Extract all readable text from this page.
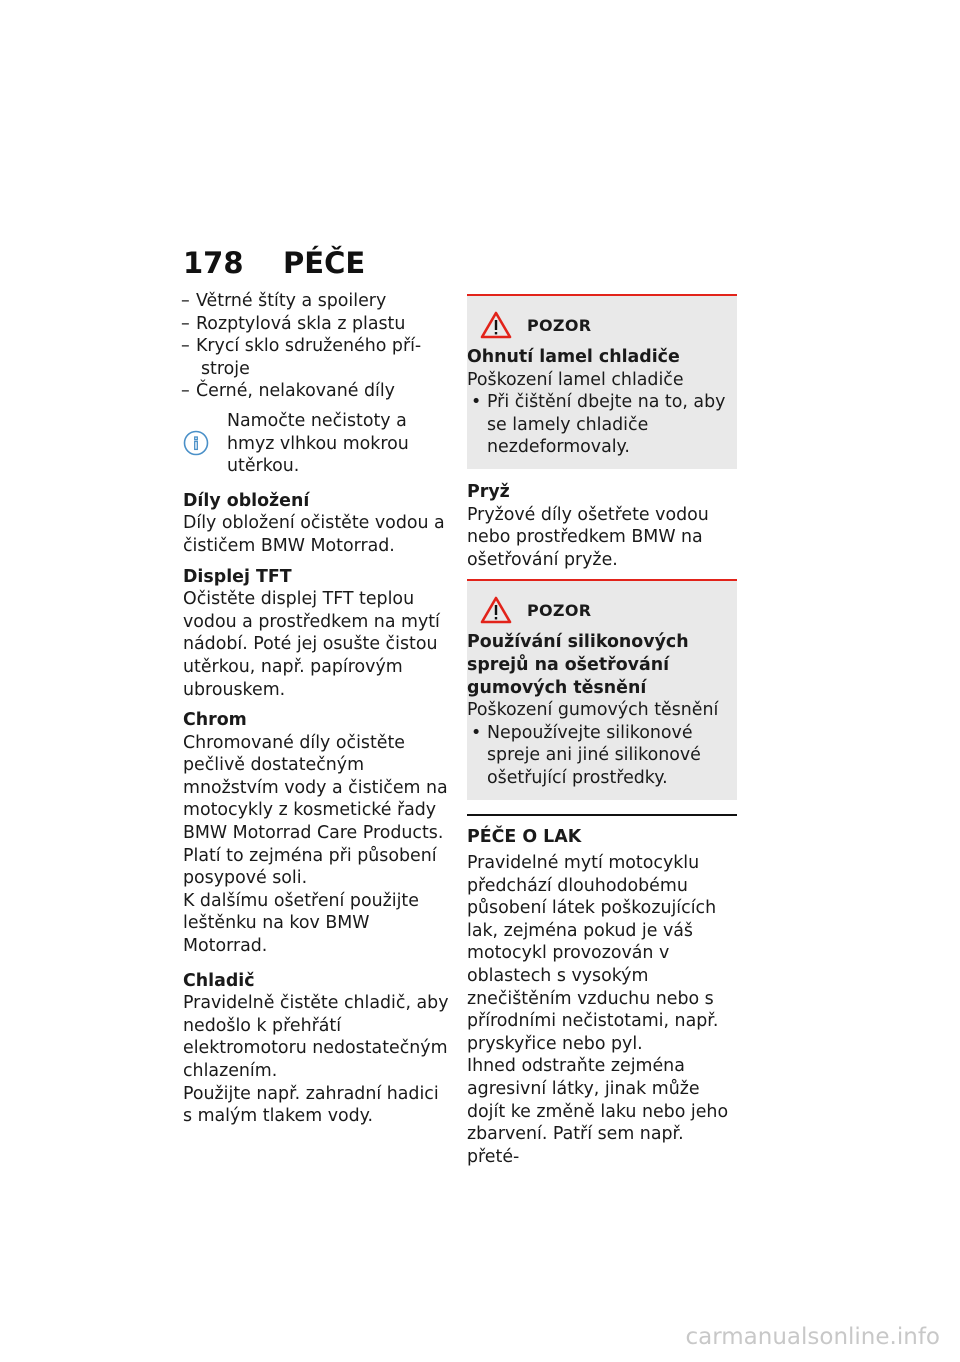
178	PÉČE
– Větrné štíty a spoilery
– Rozptylová skla z plastu
– Krycí sklo sdruženého pří-
stroje
– Černé, nelakované díly
Namočte nečistoty a hmyz vlhkou mokrou utěrkou.

Díly obložení

Díly obložení očistěte vodou a čističem BMW Motorrad.

Displej TFT

Očistěte displej TFT teplou vodou a prostředkem na mytí nádobí. Poté jej osušte čistou utěrkou, např. papírovým ubrouskem.

Chrom

Chromované díly očistěte pečlivě dostatečným množstvím vody a čističem na motocykly z kosmetické řady BMW Motorrad Care Products. Platí to zejména při působení posypové soli.

K dalšímu ošetření použijte leštěnku na kov BMW Motorrad.

Chladič

Pravidelně čistěte chladič, aby nedošlo k přehřátí elektromotoru nedostatečným chlazením.

Použijte např. zahradní hadici s malým tlakem vody.

POZOR

Ohnutí lamel chladiče

Poškození lamel chladiče

• Při čištění dbejte na to, aby se lamely chladiče nezdeformovaly.

Pryž

Pryžové díly ošetřete vodou nebo prostředkem BMW na ošetřování pryže.

POZOR

Používání silikonových sprejů na ošetřování gumových těsnění

Poškození gumových těsnění

• Nepoužívejte silikonové spreje ani jiné silikonové ošetřující prostředky.

PÉČE O LAK

Pravidelné mytí motocyklu předchází dlouhodobému působení látek poškozujících lak, zejména pokud je váš motocykl provozován v oblastech s vysokým znečištěním vzduchu nebo s přírodními nečistotami, např. pryskyřice nebo pyl.

Ihned odstraňte zejména agresivní látky, jinak může dojít ke změně laku nebo jeho zbarvení. Patří sem např. přeté-

carmanualsonline.info
